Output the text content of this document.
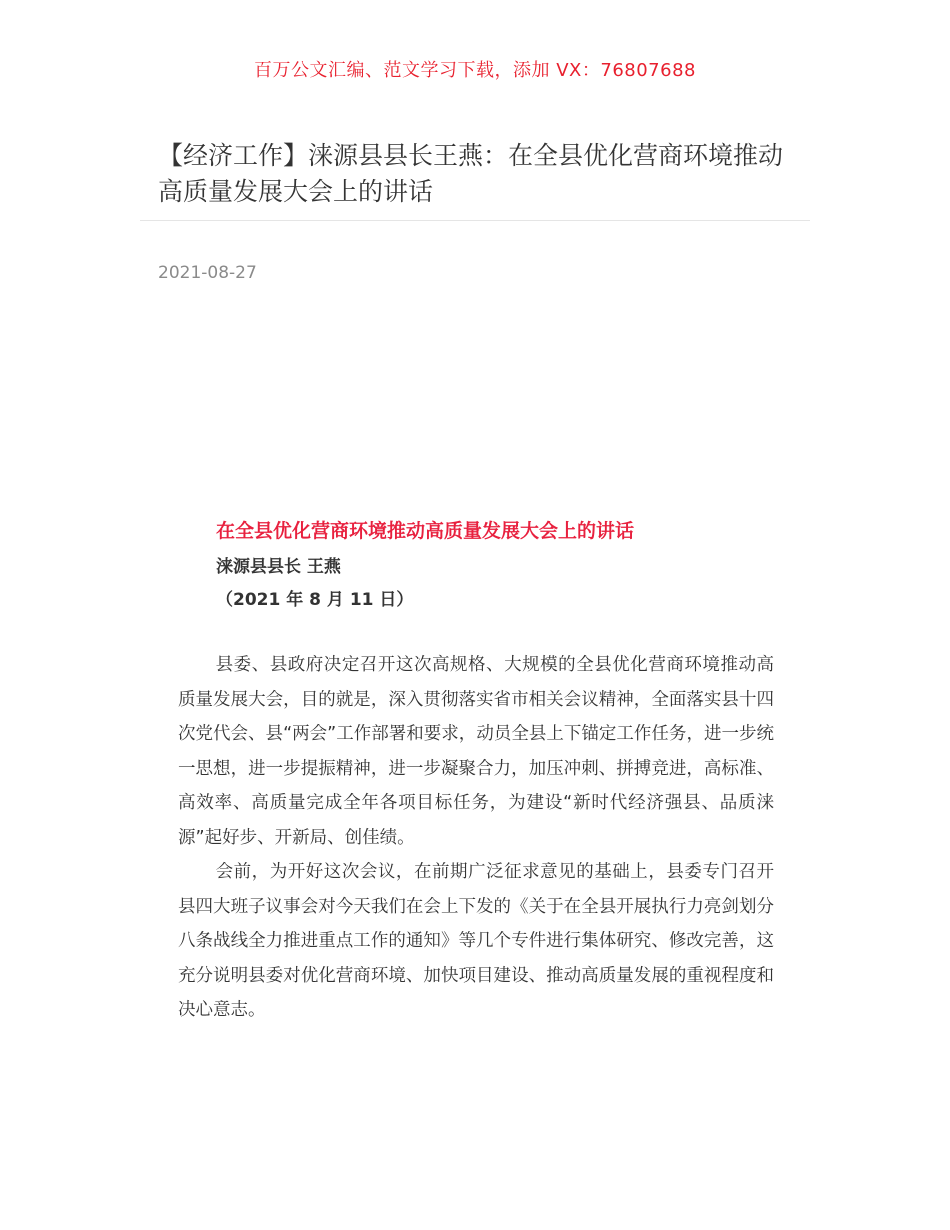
百万公文汇编、范文学习下载，添加 VX：76807688
【经济工作】涞源县县长王燕：在全县优化营商环境推动高质量发展大会上的讲话
2021-08-27
在全县优化营商环境推动高质量发展大会上的讲话
涞源县县长 王燕
（2021 年 8 月 11 日）

县委、县政府决定召开这次高规格、大规模的全县优化营商环境推动高质量发展大会，目的就是，深入贯彻落实省市相关会议精神，全面落实县十四次党代会、县“两会”工作部署和要求，动员全县上下锚定工作任务，进一步统一思想，进一步提振精神，进一步凝聚合力，加压冲刺、拼搏竞进，高标准、高效率、高质量完成全年各项目标任务，为建设“新时代经济强县、品质涞源”起好步、开新局、创佳绩。

会前，为开好这次会议，在前期广泛征求意见的基础上，县委专门召开县四大班子议事会对今天我们在会上下发的《关于在全县开展执行力亮剑划分八条战线全力推进重点工作的通知》等几个专件进行集体研究、修改完善，这充分说明县委对优化营商环境、加快项目建设、推动高质量发展的重视程度和决心意志。
